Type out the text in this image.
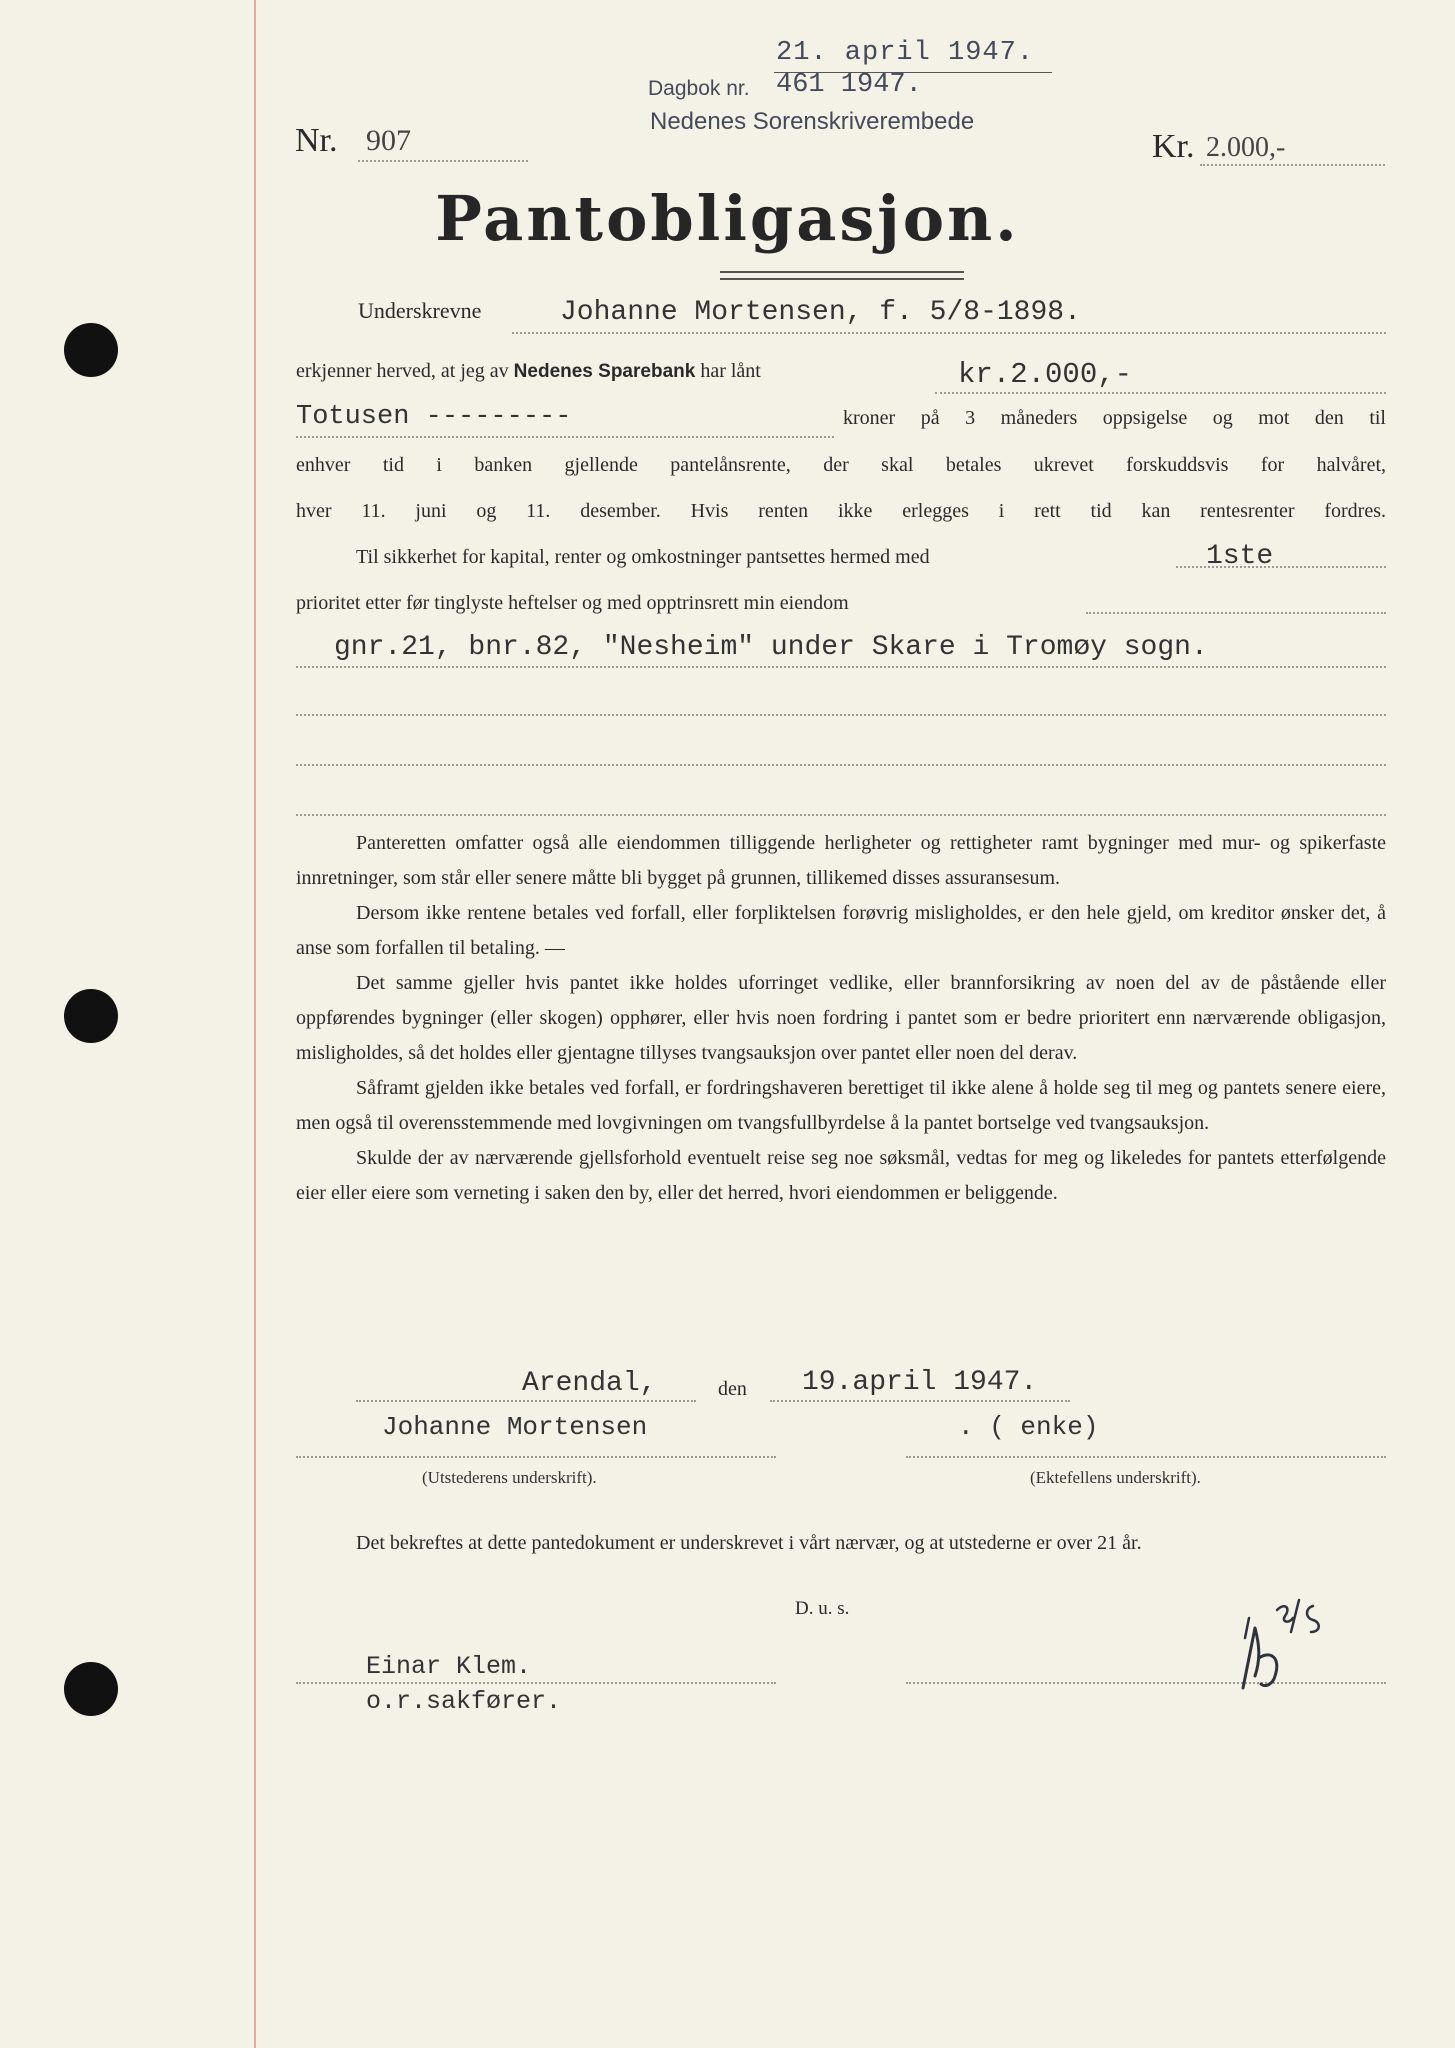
21. april 1947.
Dagbok nr. 461 1947.
Nedenes Sorenskriverembede
Nr. 907	Kr. 2.000,-
Pantobligasjon.
Underskrevne	Johanne Mortensen, f. 5/8-1898.
erkjenner herved, at jeg av Nedenes Sparebank har lånt	kr.2.000,-
Totusen ---------	kroner på 3 måneders oppsigelse og mot den til
enhver tid i banken gjellende pantelånsrente, der skal betales ukrevet forskuddsvis for halvåret,
hver 11. juni og 11. desember. Hvis renten ikke erlegges i rett tid kan rentesrenter fordres.
Til sikkerhet for kapital, renter og omkostninger pantsettes hermed med	1ste
prioritet etter før tinglyste heftelser og med opptrinsrett min eiendom
gnr.21, bnr.82, "Nesheim" under Skare i Tromøy sogn.

Panteretten omfatter også alle eiendommen tilliggende herligheter og rettigheter ramt bygninger med mur- og spikerfaste innretninger, som står eller senere måtte bli bygget på grunnen, tillikemed disses assuransesum.

Dersom ikke rentene betales ved forfall, eller forpliktelsen forøvrig misligholdes, er den hele gjeld, om kreditor ønsker det, å anse som forfallen til betaling. —

Det samme gjeller hvis pantet ikke holdes uforringet vedlike, eller brannforsikring av noen del av de påstående eller oppførendes bygninger (eller skogen) opphører, eller hvis noen fordring i pantet som er bedre prioritert enn nærværende obligasjon, misligholdes, så det holdes eller gjentagne tillyses tvangsauksjon over pantet eller noen del derav.

Såframt gjelden ikke betales ved forfall, er fordringshaveren berettiget til ikke alene å holde seg til meg og pantets senere eiere, men også til overensstemmende med lovgivningen om tvangsfullbyrdelse å la pantet bortselge ved tvangsauksjon.

Skulde der av nærværende gjellsforhold eventuelt reise seg noe søksmål, vedtas for meg og likeledes for pantets etterfølgende eier eller eiere som verneting i saken den by, eller det herred, hvori eiendommen er beliggende.

Arendal,	den 19.april 1947.
Johanne Mortensen	. ( enke)
(Utstederens underskrift).	(Ektefellens underskrift).
Det bekreftes at dette pantedokument er underskrevet i vårt nærvær, og at utstederne er over 21 år.
D. u. s.
Einar Klem.
o.r.sakfører.
